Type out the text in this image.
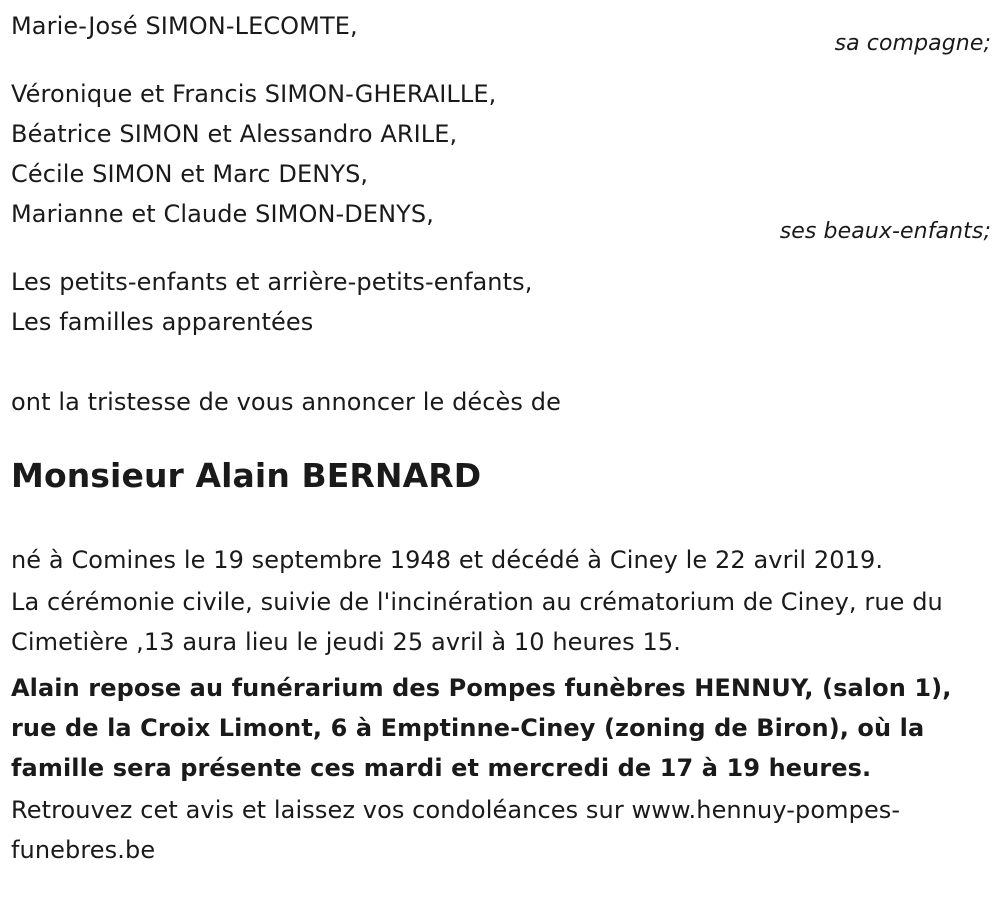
Marie-José SIMON-LECOMTE,
sa compagne;
Véronique et Francis SIMON-GHERAILLE,
Béatrice SIMON et Alessandro ARILE,
Cécile SIMON et Marc DENYS,
Marianne et Claude SIMON-DENYS,
ses beaux-enfants;
Les petits-enfants et arrière-petits-enfants,
Les familles apparentées
ont la tristesse de vous annoncer le décès de
Monsieur Alain BERNARD
né à Comines le 19 septembre 1948 et décédé à Ciney le 22 avril 2019.
La cérémonie civile, suivie de l'incinération au crématorium de Ciney, rue du Cimetière ,13 aura lieu le jeudi 25 avril à 10 heures 15.
Alain repose au funérarium des Pompes funèbres HENNUY, (salon 1), rue de la Croix Limont, 6 à Emptinne-Ciney (zoning de Biron), où la famille sera présente ces mardi et mercredi de 17 à 19 heures.
Retrouvez cet avis et laissez vos condoléances sur www.hennuy-pompes-funebres.be
